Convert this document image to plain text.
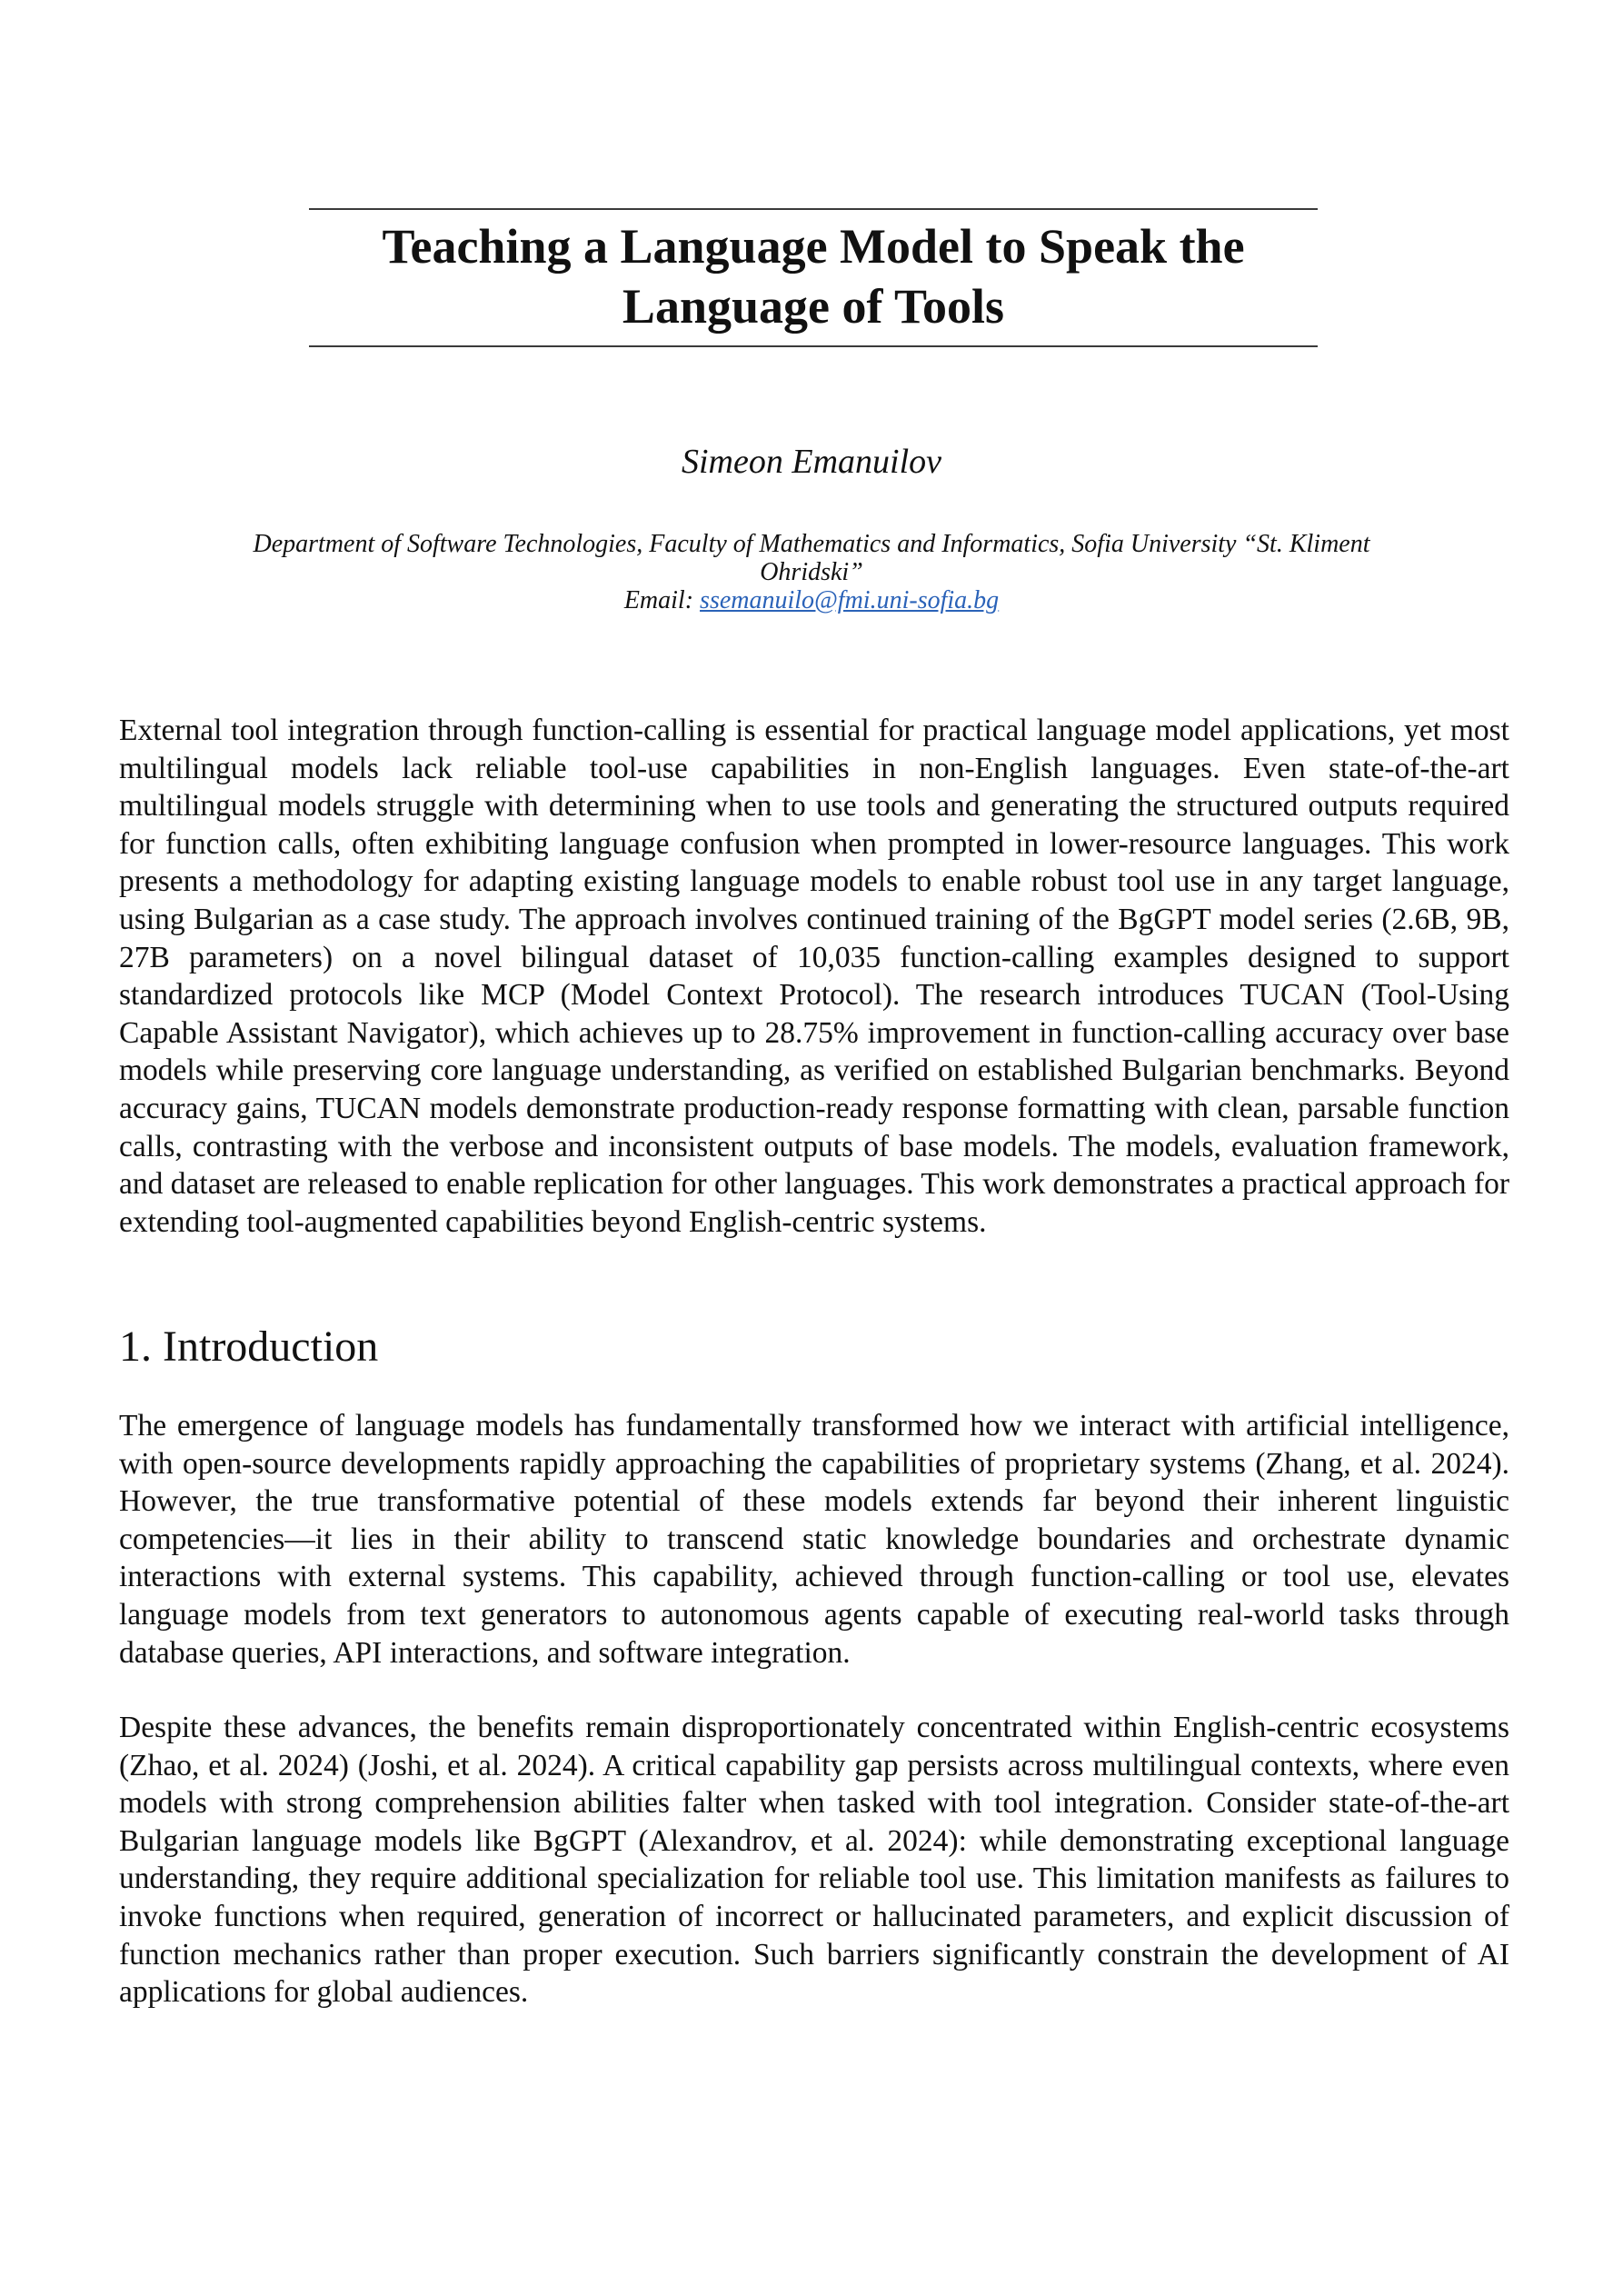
Teaching a Language Model to Speak the
Language of Tools
Simeon Emanuilov
Department of Software Technologies, Faculty of Mathematics and Informatics, Sofia University “St. Kliment
Ohridski”
Email: ssemanuilo@fmi.uni-sofia.bg

External tool integration through function-calling is essential for practical language model applications, yet most multilingual models lack reliable tool-use capabilities in non-English languages. Even state-of-the-art multilingual models struggle with determining when to use tools and generating the structured outputs required for function calls, often exhibiting language confusion when prompted in lower-resource languages. This work presents a methodology for adapting existing language models to enable robust tool use in any target language, using Bulgarian as a case study. The approach involves continued training of the BgGPT model series (2.6B, 9B, 27B parameters) on a novel bilingual dataset of 10,035 function-calling examples designed to support standardized protocols like MCP (Model Context Protocol). The research introduces TUCAN (Tool-Using Capable Assistant Navigator), which achieves up to 28.75% improvement in function-calling accuracy over base models while preserving core language understanding, as verified on established Bulgarian benchmarks. Beyond accuracy gains, TUCAN models demonstrate production-ready response formatting with clean, parsable function calls, contrasting with the verbose and inconsistent outputs of base models. The models, evaluation framework, and dataset are released to enable replication for other languages. This work demonstrates a practical approach for extending tool-augmented capabilities beyond English-centric systems.

1. Introduction

The emergence of language models has fundamentally transformed how we interact with artificial intelligence, with open-source developments rapidly approaching the capabilities of proprietary systems (Zhang, et al. 2024). However, the true transformative potential of these models extends far beyond their inherent linguistic competencies—it lies in their ability to transcend static knowledge boundaries and orchestrate dynamic interactions with external systems. This capability, achieved through function-calling or tool use, elevates language models from text generators to autonomous agents capable of executing real-world tasks through database queries, API interactions, and software integration.

Despite these advances, the benefits remain disproportionately concentrated within English-centric ecosystems (Zhao, et al. 2024) (Joshi, et al. 2024). A critical capability gap persists across multilingual contexts, where even models with strong comprehension abilities falter when tasked with tool integration. Consider state-of-the-art Bulgarian language models like BgGPT (Alexandrov, et al. 2024): while demonstrating exceptional language understanding, they require additional specialization for reliable tool use. This limitation manifests as failures to invoke functions when required, generation of incorrect or hallucinated parameters, and explicit discussion of function mechanics rather than proper execution. Such barriers significantly constrain the development of AI applications for global audiences.
